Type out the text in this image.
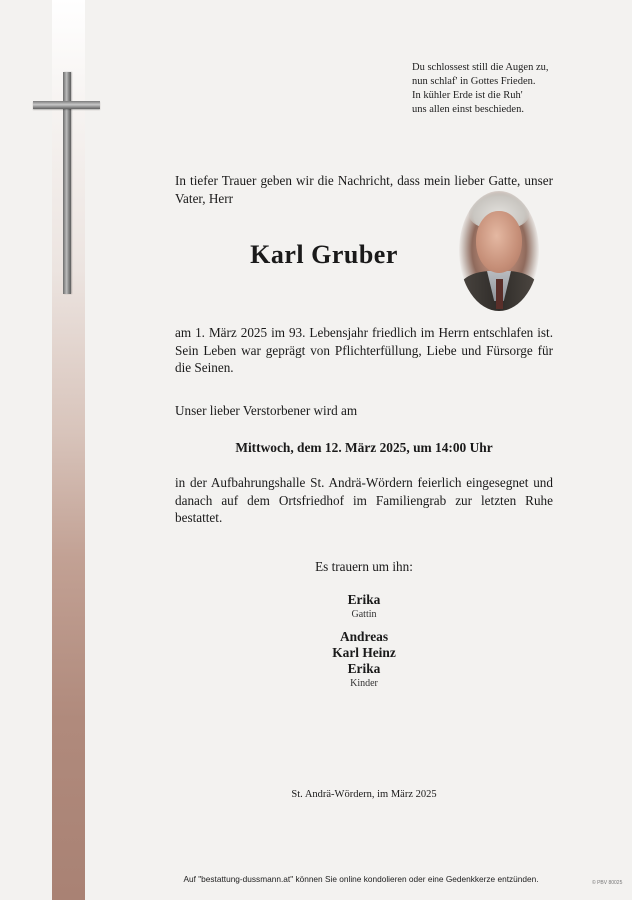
Du schlossest still die Augen zu,
nun schlaf' in Gottes Frieden.
In kühler Erde ist die Ruh'
uns allen einst beschieden.
In tiefer Trauer geben wir die Nachricht, dass mein lieber Gatte, unser Vater, Herr
Karl Gruber
am 1. März 2025 im 93. Lebensjahr friedlich im Herrn entschlafen ist. Sein Leben war geprägt von Pflichterfüllung, Liebe und Fürsorge für die Seinen.
Unser lieber Verstorbener wird am
Mittwoch, dem 12. März 2025, um 14:00 Uhr
in der Aufbahrungshalle St. Andrä-Wördern feierlich eingesegnet und danach auf dem Ortsfriedhof im Familiengrab zur letzten Ruhe bestattet.
Es trauern um ihn:
Erika
Gattin
Andreas
Karl Heinz
Erika
Kinder
St. Andrä-Wördern, im März 2025
Auf "bestattung-dussmann.at" können Sie online kondolieren oder eine Gedenkkerze entzünden.	© PBV 80025
